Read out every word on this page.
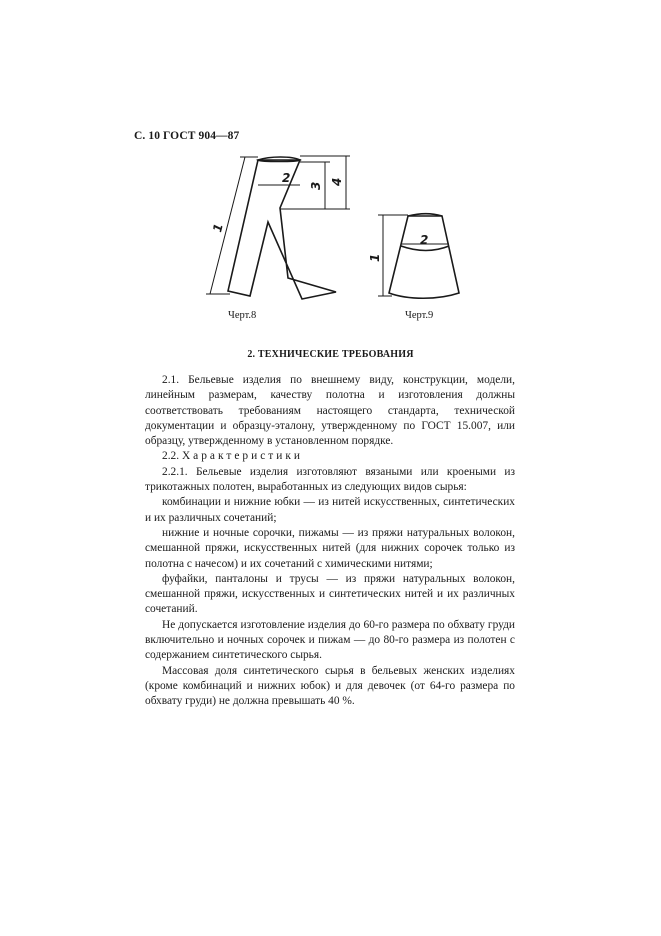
С. 10 ГОСТ 904—87
1
2
3 4
1
2
Черт.8	Черт.9
2. ТЕХНИЧЕСКИЕ ТРЕБОВАНИЯ

2.1. Бельевые изделия по внешнему виду, конструкции, модели, линейным размерам, качеству полотна и изготовления должны соответствовать требованиям настоящего стандарта, технической документации и образцу-эталону, утвержденному по ГОСТ 15.007, или образцу, утвержденному в установленном порядке.

2.2. Характеристики

2.2.1. Бельевые изделия изготовляют вязаными или кроеными из трикотажных полотен, выработанных из следующих видов сырья:

комбинации и нижние юбки — из нитей искусственных, синтетических и их различных сочетаний;

нижние и ночные сорочки, пижамы — из пряжи натуральных волокон, смешанной пряжи, искусственных нитей (для нижних сорочек только из полотна с начесом) и их сочетаний с химическими нитями;

фуфайки, панталоны и трусы — из пряжи натуральных волокон, смешанной пряжи, искусственных и синтетических нитей и их различных сочетаний.

Не допускается изготовление изделия до 60-го размера по обхвату груди включительно и ночных сорочек и пижам — до 80-го размера из полотен с содержанием синтетического сырья.

Массовая доля синтетического сырья в бельевых женских изделиях (кроме комбинаций и нижних юбок) и для девочек (от 64-го размера по обхвату груди) не должна превышать 40 %.
